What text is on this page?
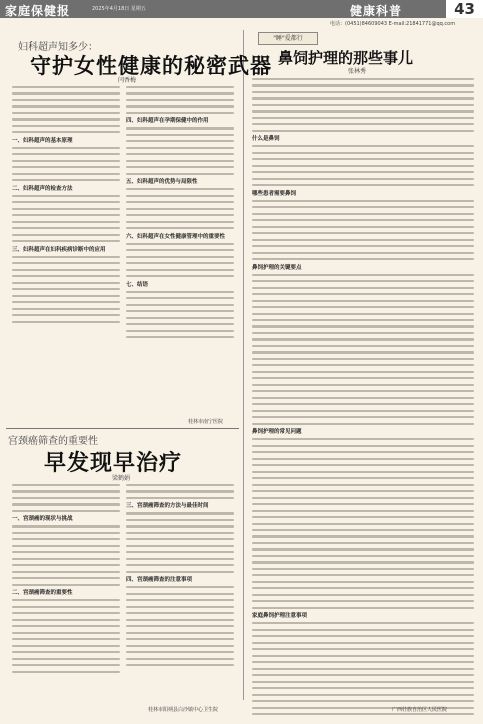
家庭保健报	2025年4月18日 星期五	健康科普	43
电话：(0451)84609043 E-mail:21841771@qq.com
妇科超声知多少：
守护女性健康的秘密武器
闫香梅
一、妇科超声的基本原理
二、妇科超声的检查方法
三、妇科超声在妇科疾病诊断中的应用
四、妇科超声在孕期保健中的作用
五、妇科超声的优势与局限性
六、妇科超声在女性健康管理中的重要性
七、结语
桂林市南宁医院
宫颈癌筛查的重要性
早发现早治疗
梁鹤娟
一、宫颈癌的现状与挑战
二、宫颈癌筛查的重要性
三、宫颈癌筛查的方法与最佳时间
四、宫颈癌筛查的注意事项
桂林市阳朔县白沙镇中心卫生院
"睡"爱都行
鼻饲护理的那些事儿
张林秀
什么是鼻饲
哪些患者需要鼻饲
鼻饲护理的关键要点
鼻饲护理的常见问题
家庭鼻饲护理注意事项
广西壮族自治区人民医院
